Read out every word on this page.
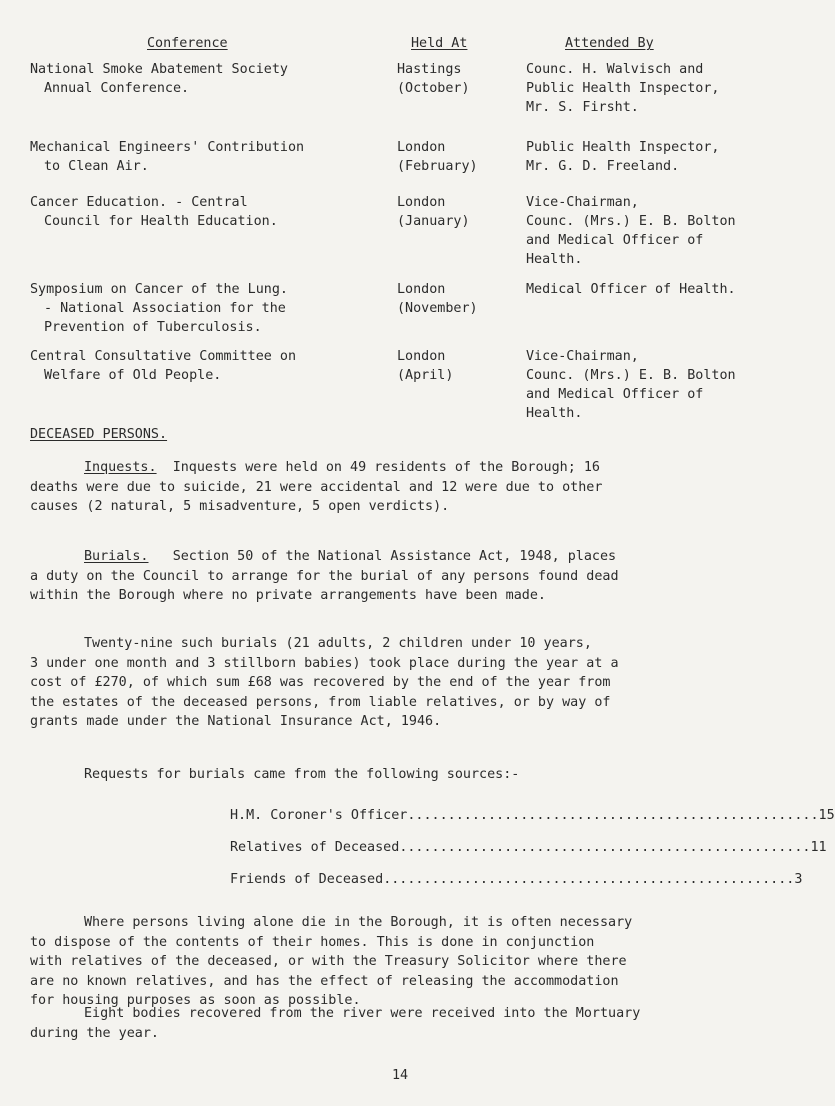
Conference	Held At	Attended By
National Smoke Abatement Society
Annual Conference.
Hastings
(October)
Counc. H. Walvisch and
Public Health Inspector,
Mr. S. Firsht.
Mechanical Engineers' Contribution
to Clean Air.
London
(February)
Public Health Inspector,
Mr. G. D. Freeland.
Cancer Education. - Central
Council for Health Education.
London
(January)
Vice-Chairman,
Counc. (Mrs.) E. B. Bolton
and Medical Officer of
Health.
Symposium on Cancer of the Lung.
- National Association for the
Prevention of Tuberculosis.
London
(November)
Medical Officer of Health.
Central Consultative Committee on
Welfare of Old People.
London
(April)
Vice-Chairman,
Counc. (Mrs.) E. B. Bolton
and Medical Officer of
Health.
DECEASED PERSONS.
Inquests. Inquests were held on 49 residents of the Borough; 16
deaths were due to suicide, 21 were accidental and 12 were due to other
causes (2 natural, 5 misadventure, 5 open verdicts).
Burials. Section 50 of the National Assistance Act, 1948, places
a duty on the Council to arrange for the burial of any persons found dead
within the Borough where no private arrangements have been made.
Twenty-nine such burials (21 adults, 2 children under 10 years,
3 under one month and 3 stillborn babies) took place during the year at a
cost of £270, of which sum £68 was recovered by the end of the year from
the estates of the deceased persons, from liable relatives, or by way of
grants made under the National Insurance Act, 1946.
Requests for burials came from the following sources:-
H.M. Coroner's Officer ................................................... 15
Relatives of Deceased ................................................... 11
Friends of Deceased ................................................... 3
Where persons living alone die in the Borough, it is often necessary
to dispose of the contents of their homes. This is done in conjunction
with relatives of the deceased, or with the Treasury Solicitor where there
are no known relatives, and has the effect of releasing the accommodation
for housing purposes as soon as possible.
Eight bodies recovered from the river were received into the Mortuary
during the year.
14
